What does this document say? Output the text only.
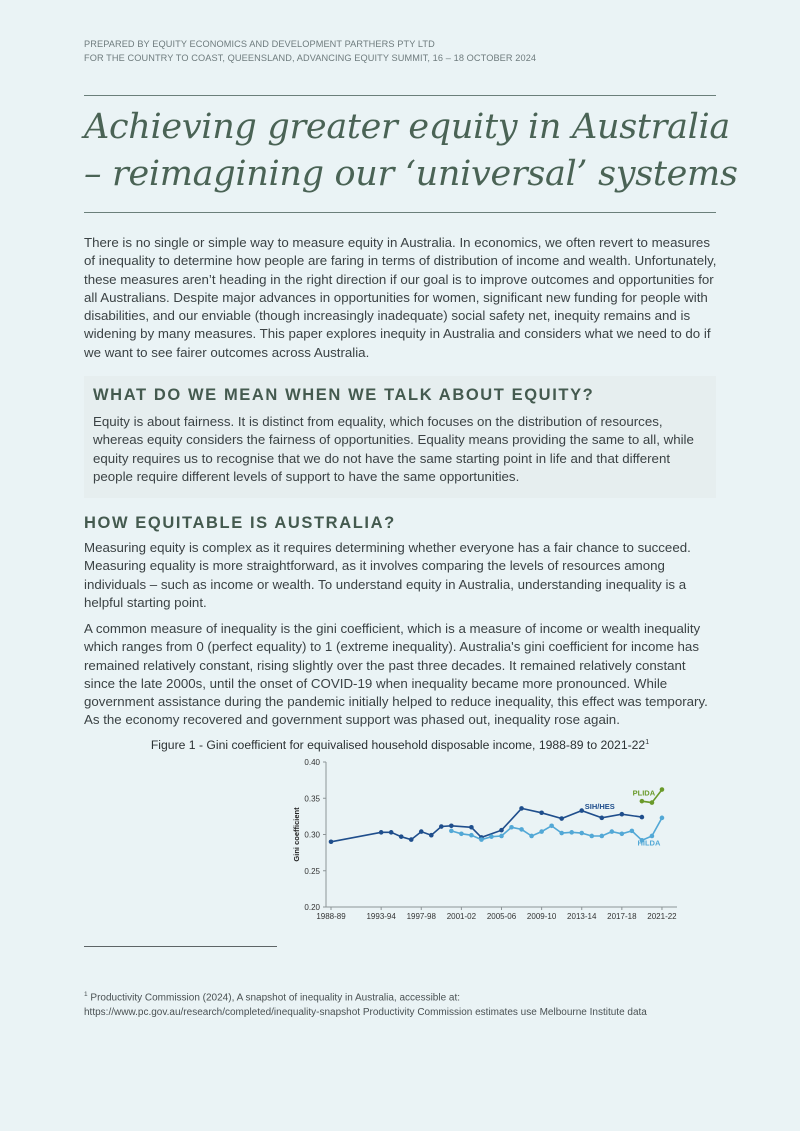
PREPARED BY EQUITY ECONOMICS AND DEVELOPMENT PARTHERS PTY LTD
FOR THE COUNTRY TO COAST, QUEENSLAND, ADVANCING EQUITY SUMMIT, 16 – 18 OCTOBER 2024
Achieving greater equity in Australia
– reimagining our ‘universal’ systems

There is no single or simple way to measure equity in Australia. In economics, we often revert to measures of inequality to determine how people are faring in terms of distribution of income and wealth. Unfortunately, these measures aren’t heading in the right direction if our goal is to improve outcomes and opportunities for all Australians. Despite major advances in opportunities for women, significant new funding for people with disabilities, and our enviable (though increasingly inadequate) social safety net, inequity remains and is widening by many measures. This paper explores inequity in Australia and considers what we need to do if we want to see fairer outcomes across Australia.

WHAT DO WE MEAN WHEN WE TALK ABOUT EQUITY?

Equity is about fairness. It is distinct from equality, which focuses on the distribution of resources, whereas equity considers the fairness of opportunities. Equality means providing the same to all, while equity requires us to recognise that we do not have the same starting point in life and that different people require different levels of support to have the same opportunities.

HOW EQUITABLE IS AUSTRALIA?

Measuring equity is complex as it requires determining whether everyone has a fair chance to succeed. Measuring equality is more straightforward, as it involves comparing the levels of resources among individuals – such as income or wealth. To understand equity in Australia, understanding inequality is a helpful starting point.

A common measure of inequality is the gini coefficient, which is a measure of income or wealth inequality which ranges from 0 (perfect equality) to 1 (extreme inequality). Australia's gini coefficient for income has remained relatively constant, rising slightly over the past three decades. It remained relatively constant since the late 2000s, until the onset of COVID-19 when inequality became more pronounced. While government assistance during the pandemic initially helped to reduce inequality, this effect was temporary. As the economy recovered and government support was phased out, inequality rose again.

Figure 1 - Gini coefficient for equivalised household disposable income, 1988-89 to $2021-22^1$
0.40
0.35
0.30
0.25
0.20
1988-89	1993-94 1997-98 2001-02 2005-06 2009-10 2013-14 2017-18 2021-22
Gini coefficient
SIH/HES
HILDA
PLIDA
$^1$ Productivity Commission (2024), A snapshot of inequality in Australia, accessible at:
https://www.pc.gov.au/research/completed/inequality-snapshot Productivity Commission estimates use Melbourne Institute data
